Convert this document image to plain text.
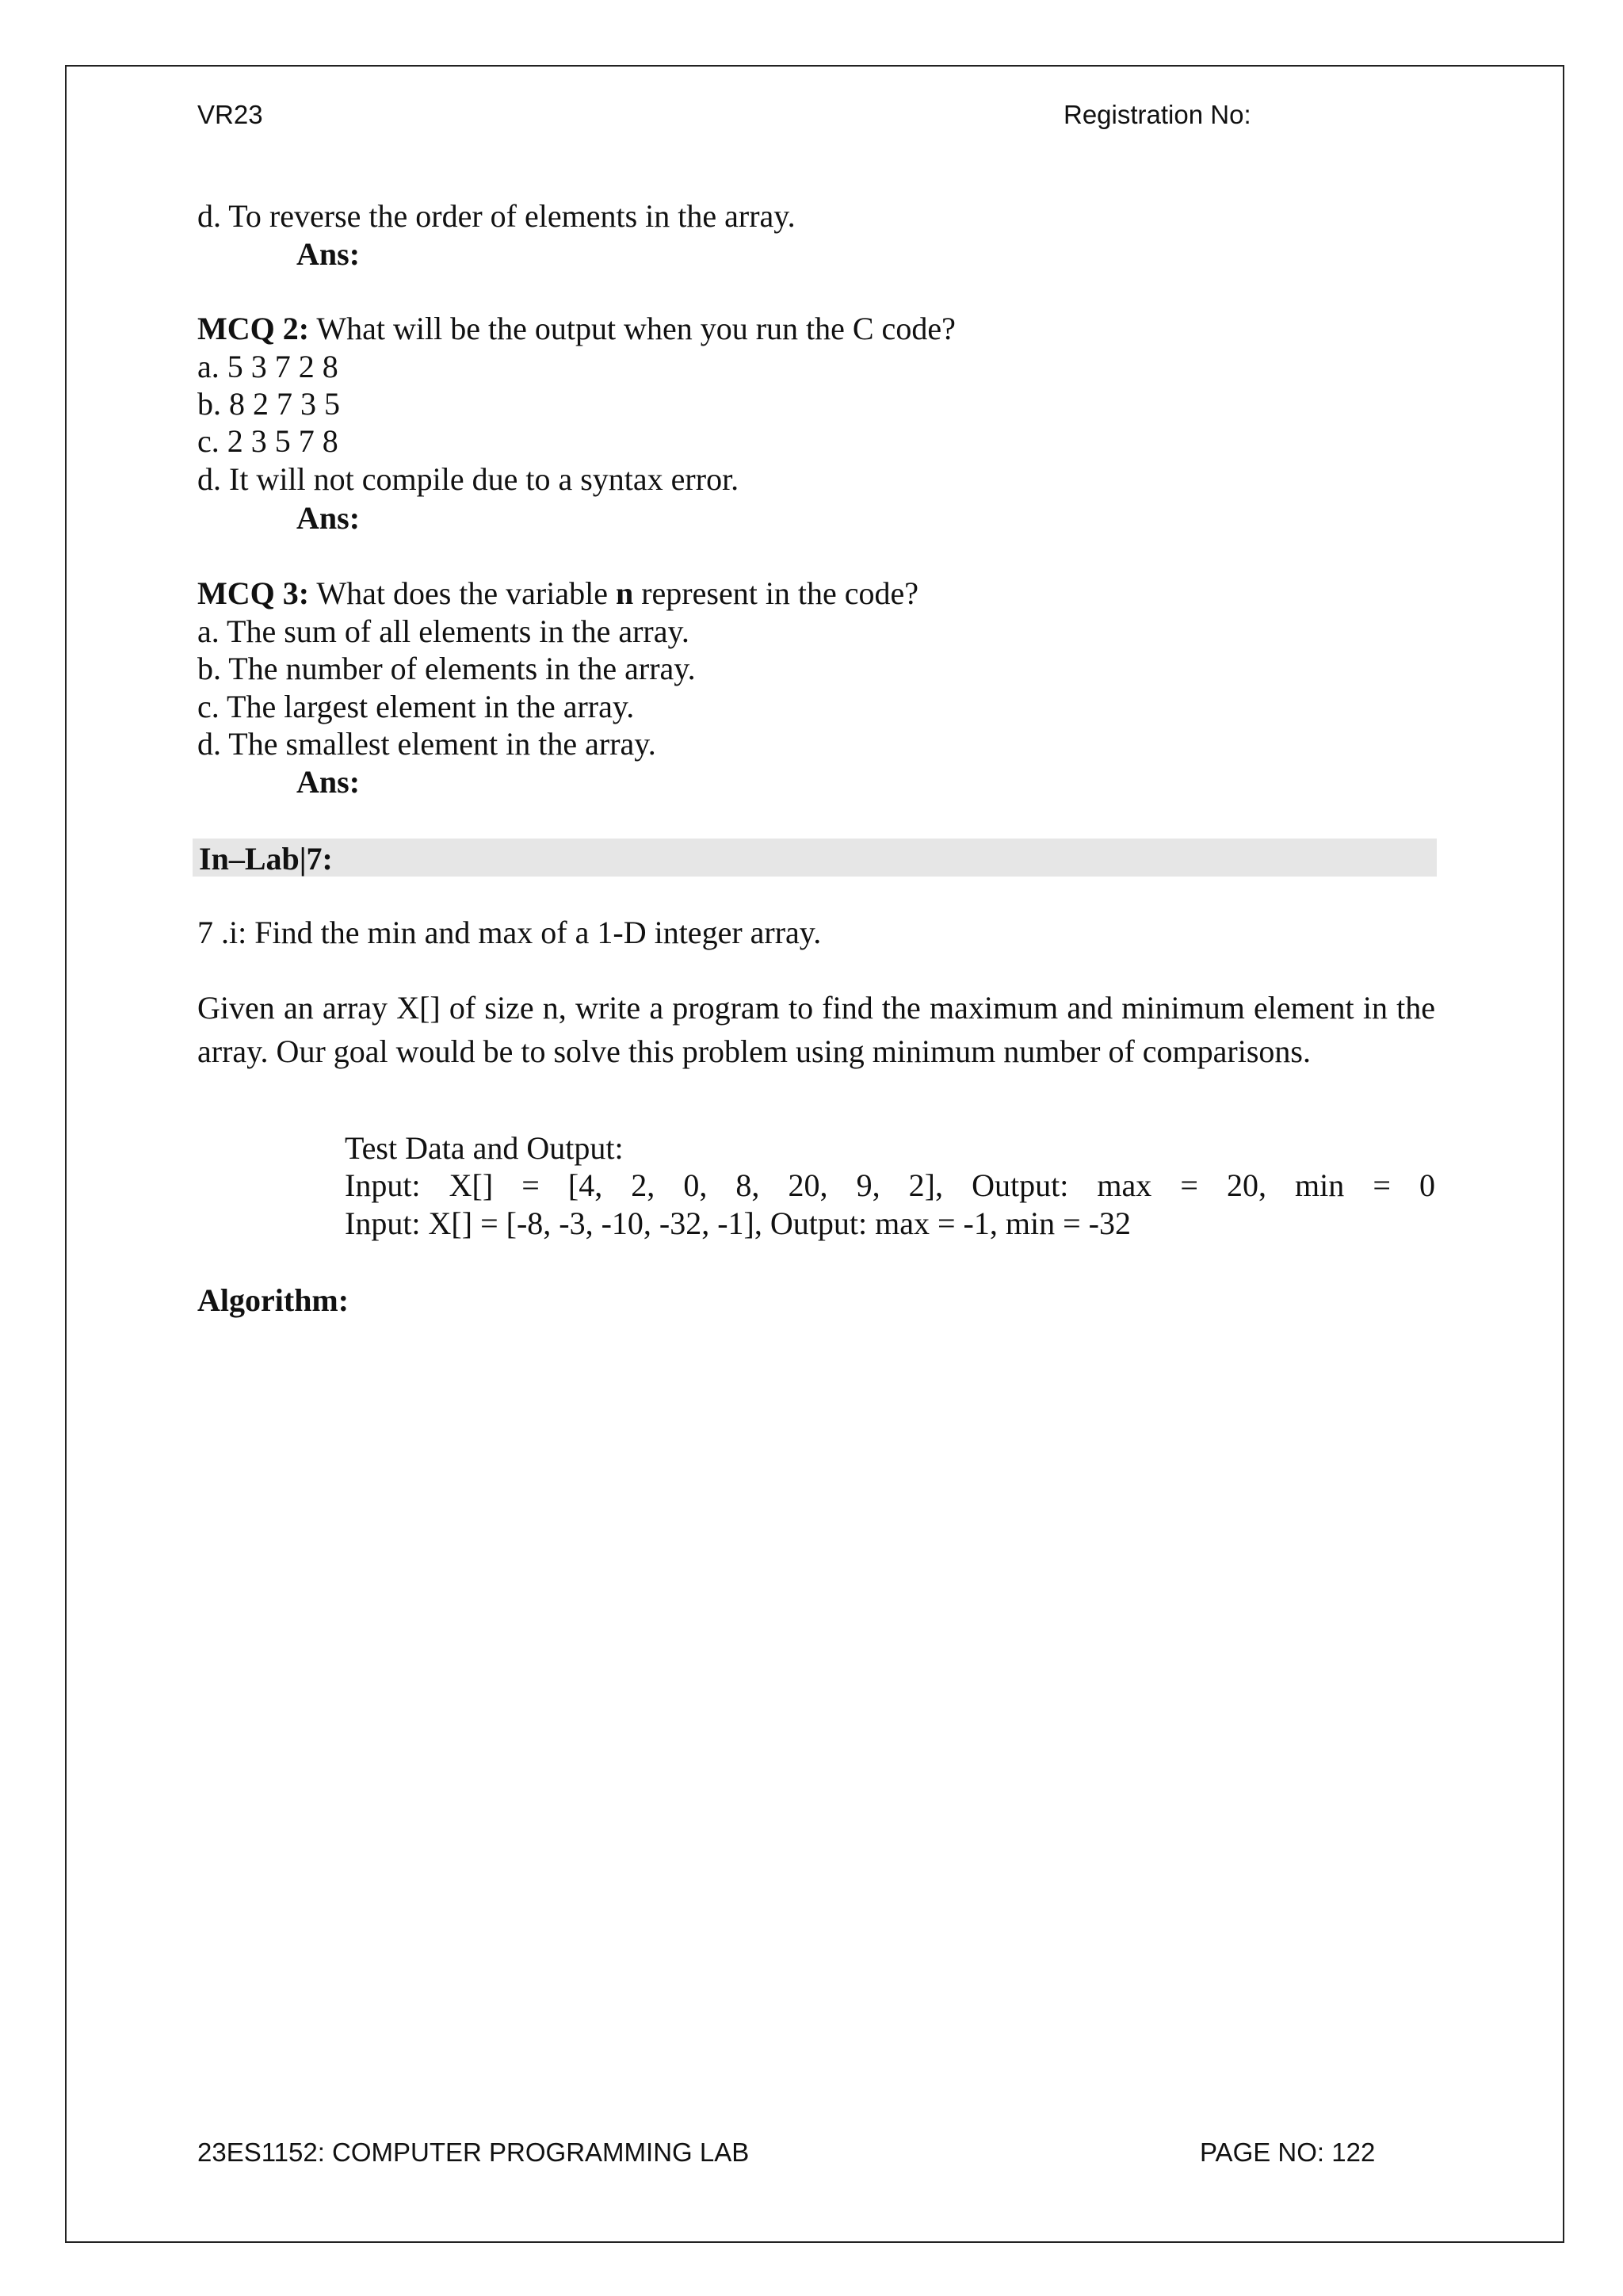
VR23	Registration No:
d. To reverse the order of elements in the array.
Ans:
MCQ 2: What will be the output when you run the C code?
a. 5 3 7 2 8
b. 8 2 7 3 5
c. 2 3 5 7 8
d. It will not compile due to a syntax error.
Ans:
MCQ 3: What does the variable n represent in the code?
a. The sum of all elements in the array.
b. The number of elements in the array.
c. The largest element in the array.
d. The smallest element in the array.
Ans:
In–Lab|7:
7 .i: Find the min and max of a 1-D integer array.
Given an array X[] of size n, write a program to find the maximum and minimum element in the array. Our goal would be to solve this problem using minimum number of comparisons.
Test Data and Output:
Input: X[] = [4, 2, 0, 8, 20, 9, 2], Output: max = 20, min = 0
Input: X[] = [-8, -3, -10, -32, -1], Output: max = -1, min = -32
Algorithm:
23ES1152: COMPUTER PROGRAMMING LAB	PAGE NO: 122
